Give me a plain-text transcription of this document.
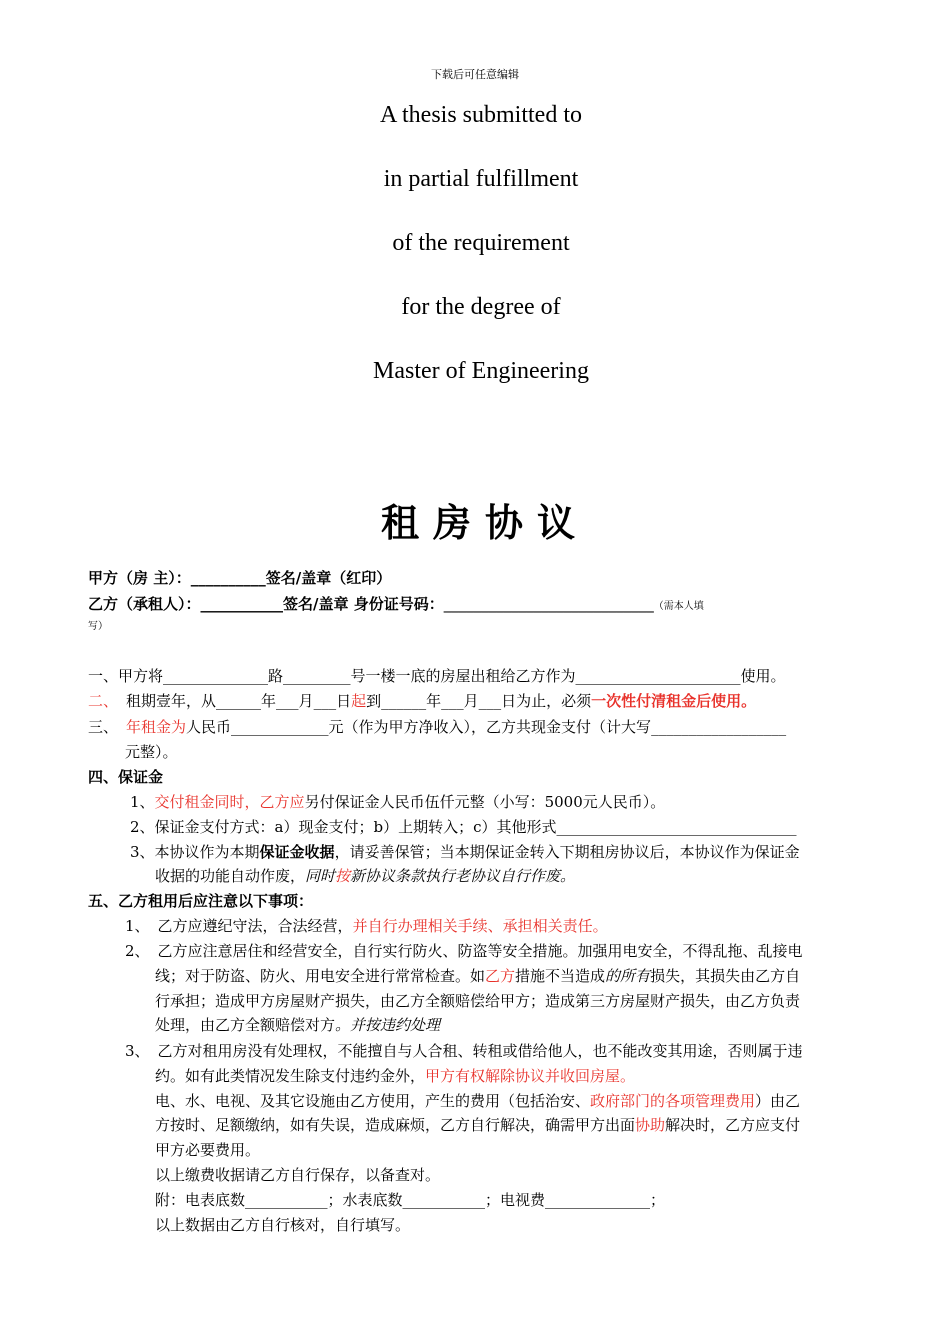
下载后可任意编辑
A thesis submitted to
in partial fulfillment
of the requirement
for the degree of
Master of Engineering
租房协议
甲方（房 主）：__________签名/盖章（红印）
乙方（承租人）：___________签名/盖章 身份证号码：____________________________（需本人填
写）
一、甲方将______________路_________号一楼一底的房屋出租给乙方作为______________________使用。
二、 租期壹年，从______年___月___日起到______年___月___日为止，必须一次性付清租金后使用。
三、 年租金为人民币_____________元（作为甲方净收入），乙方共现金支付（计大写__________________
元整）。
四、保证金
1、交付租金同时，乙方应另付保证金人民币伍仟元整（小写：5000元人民币）。
2、保证金支付方式：a）现金支付；b）上期转入；c）其他形式________________________________
3、本协议作为本期保证金收据，请妥善保管；当本期保证金转入下期租房协议后，本协议作为保证金
收据的功能自动作废，同时按新协议条款执行老协议自行作废。
五、乙方租用后应注意以下事项：
1、 乙方应遵纪守法，合法经营，并自行办理相关手续、承担相关责任。
2、 乙方应注意居住和经营安全，自行实行防火、防盗等安全措施。加强用电安全，不得乱拖、乱接电
线；对于防盗、防火、用电安全进行常常检查。如乙方措施不当造成的所有损失，其损失由乙方自
行承担；造成甲方房屋财产损失，由乙方全额赔偿给甲方；造成第三方房屋财产损失，由乙方负责
处理，由乙方全额赔偿对方。并按违约处理
3、 乙方对租用房没有处理权，不能擅自与人合租、转租或借给他人，也不能改变其用途，否则属于违
约。如有此类情况发生除支付违约金外，甲方有权解除协议并收回房屋。
电、水、电视、及其它设施由乙方使用，产生的费用（包括治安、政府部门的各项管理费用）由乙
方按时、足额缴纳，如有失误，造成麻烦，乙方自行解决，确需甲方出面协助解决时，乙方应支付
甲方必要费用。
以上缴费收据请乙方自行保存，以备查对。
附：电表底数___________；水表底数___________；电视费______________；
以上数据由乙方自行核对，自行填写。
